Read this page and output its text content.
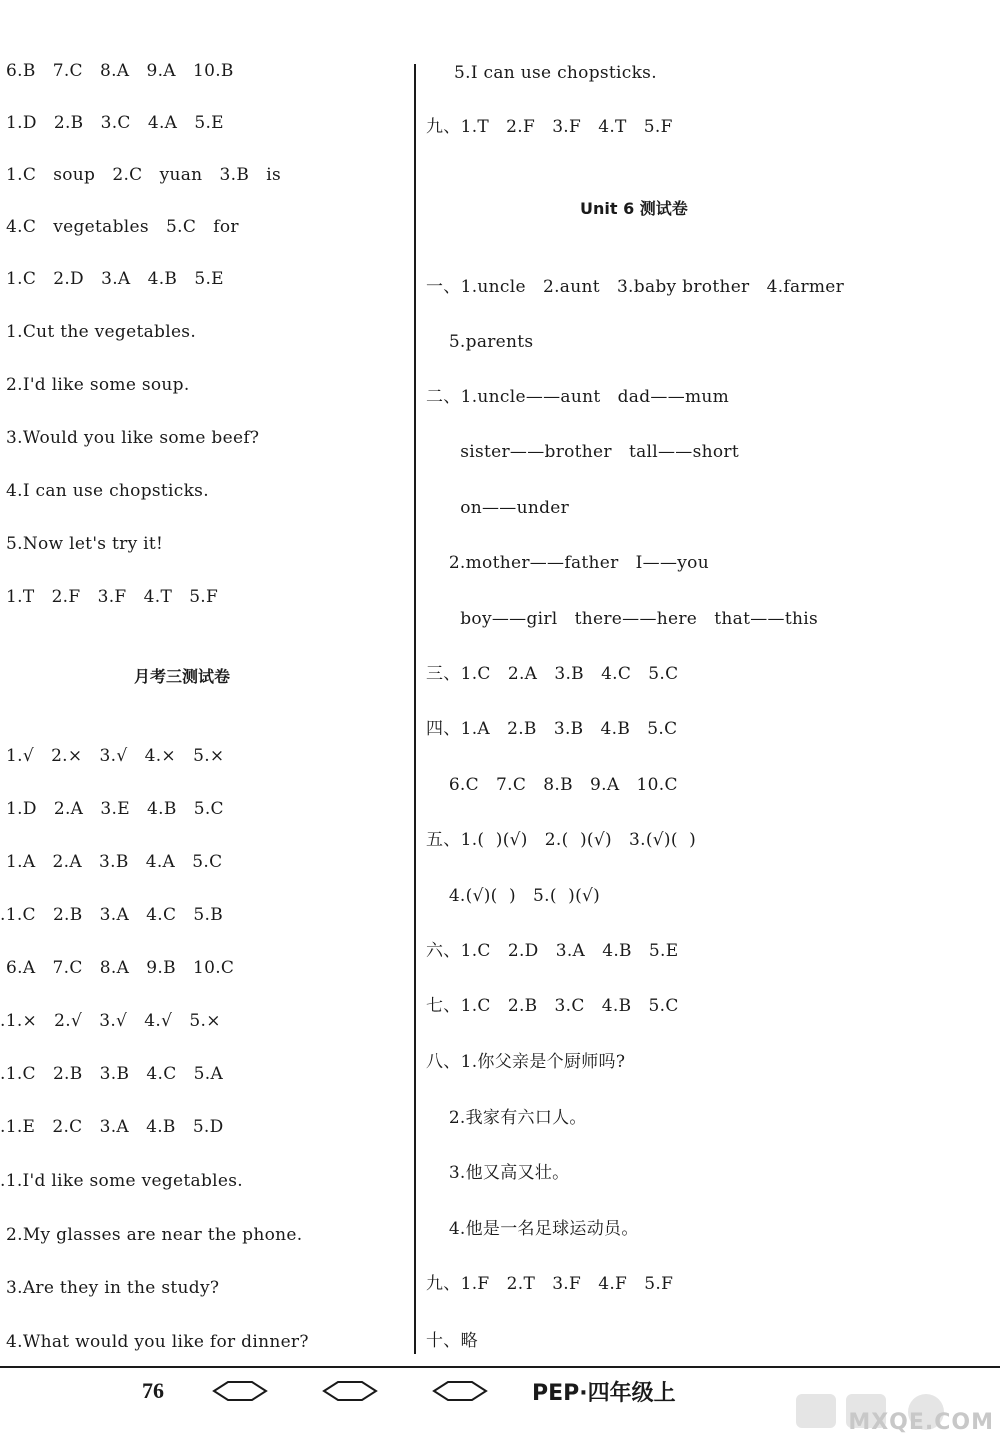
6.B   7.C   8.A   9.A   10.B
1.D   2.B   3.C   4.A   5.E
1.C   soup   2.C   yuan   3.B   is
4.C   vegetables   5.C   for
1.C   2.D   3.A   4.B   5.E
1.Cut the vegetables.
2.I'd like some soup.
3.Would you like some beef?
4.I can use chopsticks.
5.Now let's try it!
1.T   2.F   3.F   4.T   5.F
月考三测试卷
1.√   2.×   3.√   4.×   5.×
1.D   2.A   3.E   4.B   5.C
1.A   2.A   3.B   4.A   5.C
.1.C   2.B   3.A   4.C   5.B
6.A   7.C   8.A   9.B   10.C
.1.×   2.√   3.√   4.√   5.×
.1.C   2.B   3.B   4.C   5.A
.1.E   2.C   3.A   4.B   5.D
.1.I'd like some vegetables.
2.My glasses are near the phone.
3.Are they in the study?
4.What would you like for dinner?
5.I can use chopsticks.
九、1.T   2.F   3.F   4.T   5.F
Unit 6 测试卷
一、1.uncle   2.aunt   3.baby brother   4.farmer
5.parents
二、1.uncle——aunt   dad——mum
sister——brother   tall——short
on——under
2.mother——father   I——you
boy——girl   there——here   that——this
三、1.C   2.A   3.B   4.C   5.C
四、1.A   2.B   3.B   4.B   5.C
6.C   7.C   8.B   9.A   10.C
五、1.(  )(√)   2.(  )(√)   3.(√)(  )
4.(√)(  )   5.(  )(√)
六、1.C   2.D   3.A   4.B   5.E
七、1.C   2.B   3.C   4.B   5.C
八、1.你父亲是个厨师吗?
2.我家有六口人。
3.他又高又壮。
4.他是一名足球运动员。
九、1.F   2.T   3.F   4.F   5.F
十、略
76	PEP·四年级上
MXQE.COM
